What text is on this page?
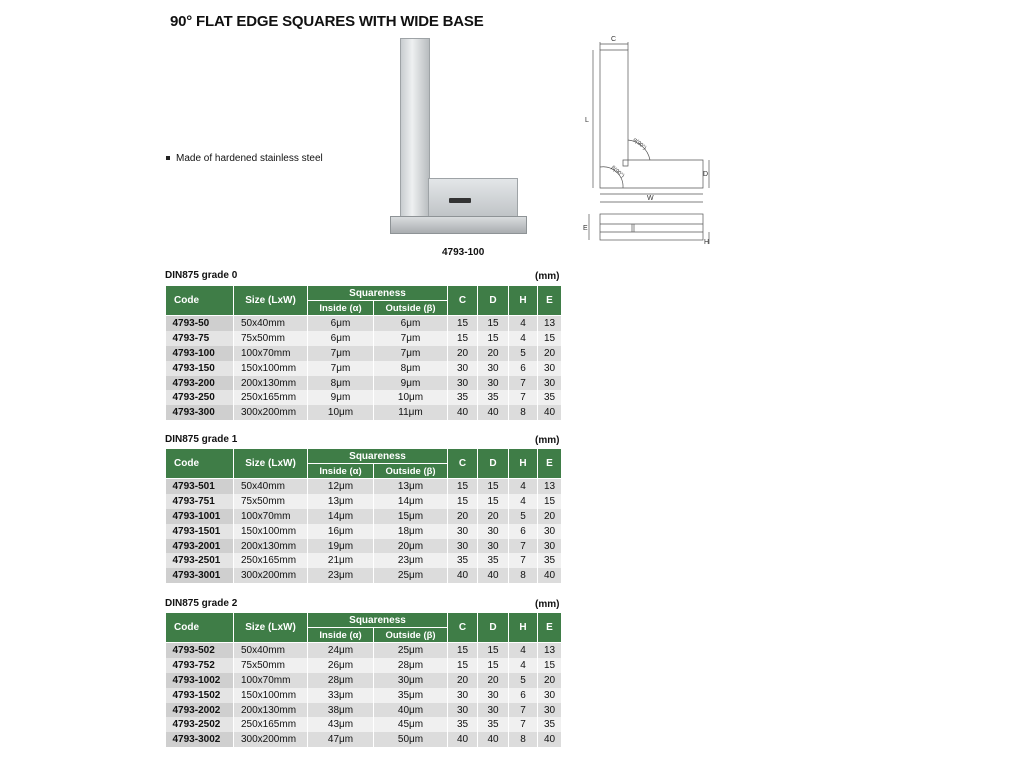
90° FLAT EDGE SQUARES WITH WIDE BASE
Made of hardened stainless steel
4793-100
C
L
W
D
α(90°)
β(90°)
E
H
DIN875 grade 0	(mm)
Code	Size (LxW)	Squareness		C	D	H	E
		Inside (α)	Outside (β)				
4793-50	50x40mm	6μm	6μm	15	15	4	13
4793-75	75x50mm	6μm	7μm	15	15	4	15
4793-100	100x70mm	7μm	7μm	20	20	5	20
4793-150	150x100mm	7μm	8μm	30	30	6	30
4793-200	200x130mm	8μm	9μm	30	30	7	30
4793-250	250x165mm	9μm	10μm	35	35	7	35
4793-300	300x200mm	10μm	11μm	40	40	8	40
DIN875 grade 1	(mm)
Code	Size (LxW)	Squareness		C	D	H	E
		Inside (α)	Outside (β)				
4793-501	50x40mm	12μm	13μm	15	15	4	13
4793-751	75x50mm	13μm	14μm	15	15	4	15
4793-1001	100x70mm	14μm	15μm	20	20	5	20
4793-1501	150x100mm	16μm	18μm	30	30	6	30
4793-2001	200x130mm	19μm	20μm	30	30	7	30
4793-2501	250x165mm	21μm	23μm	35	35	7	35
4793-3001	300x200mm	23μm	25μm	40	40	8	40
DIN875 grade 2	(mm)
Code	Size (LxW)	Squareness		C	D	H	E
		Inside (α)	Outside (β)				
4793-502	50x40mm	24μm	25μm	15	15	4	13
4793-752	75x50mm	26μm	28μm	15	15	4	15
4793-1002	100x70mm	28μm	30μm	20	20	5	20
4793-1502	150x100mm	33μm	35μm	30	30	6	30
4793-2002	200x130mm	38μm	40μm	30	30	7	30
4793-2502	250x165mm	43μm	45μm	35	35	7	35
4793-3002	300x200mm	47μm	50μm	40	40	8	40
